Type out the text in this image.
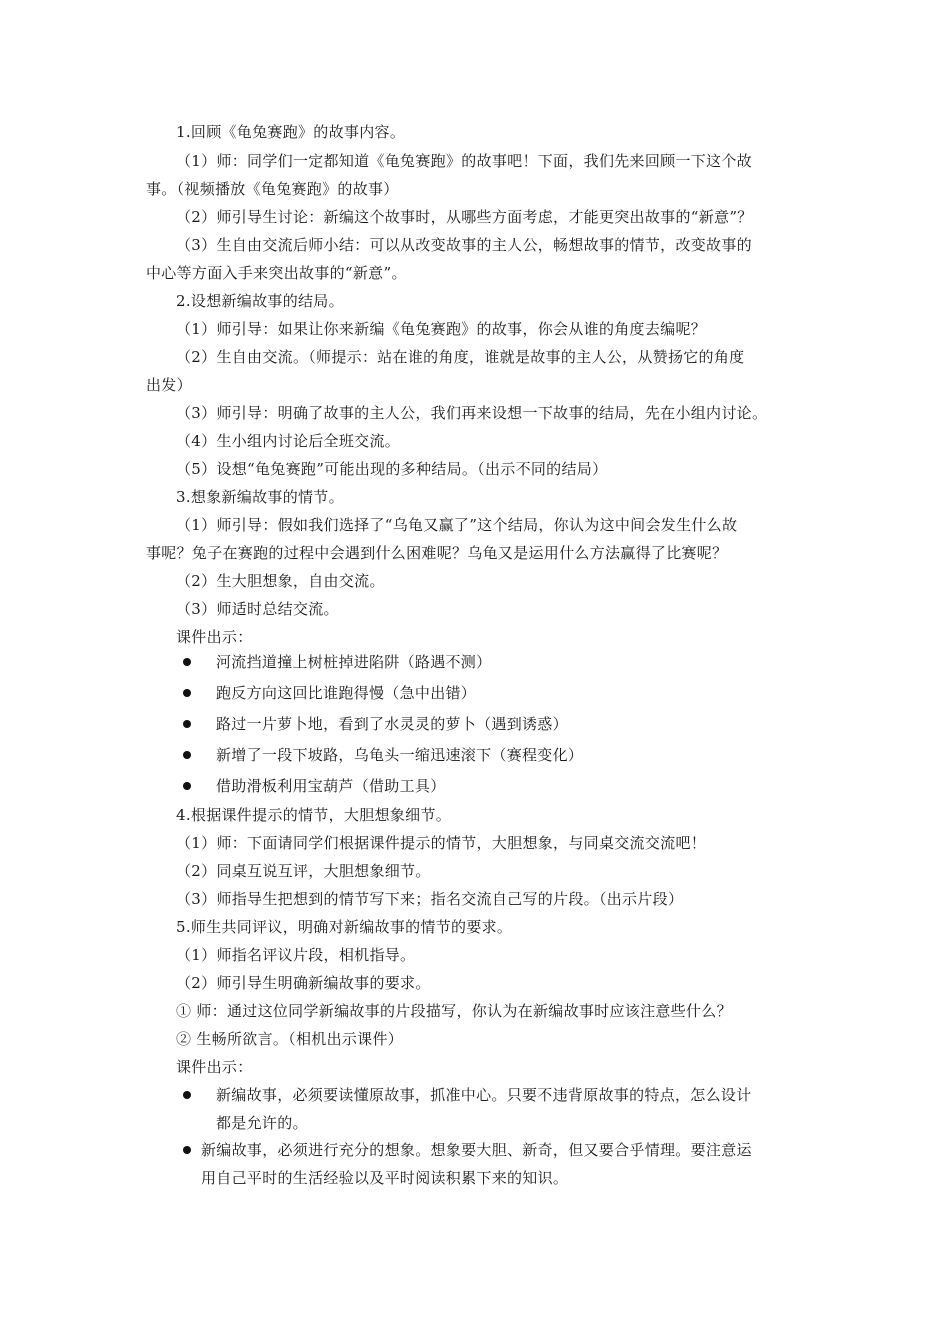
1.回顾《龟兔赛跑》的故事内容。
（1）师：同学们一定都知道《龟兔赛跑》的故事吧！下面，我们先来回顾一下这个故
事。（视频播放《龟兔赛跑》的故事）
（2）师引导生讨论：新编这个故事时，从哪些方面考虑，才能更突出故事的“新意”？
（3）生自由交流后师小结：可以从改变故事的主人公，畅想故事的情节，改变故事的
中心等方面入手来突出故事的“新意”。
2.设想新编故事的结局。
（1）师引导：如果让你来新编《龟兔赛跑》的故事，你会从谁的角度去编呢？
（2）生自由交流。（师提示：站在谁的角度，谁就是故事的主人公，从赞扬它的角度
出发）
（3）师引导：明确了故事的主人公，我们再来设想一下故事的结局，先在小组内讨论。
（4）生小组内讨论后全班交流。
（5）设想“龟兔赛跑”可能出现的多种结局。（出示不同的结局）
3.想象新编故事的情节。
（1）师引导：假如我们选择了“乌龟又赢了”这个结局，你认为这中间会发生什么故
事呢？兔子在赛跑的过程中会遇到什么困难呢？乌龟又是运用什么方法赢得了比赛呢？
（2）生大胆想象，自由交流。
（3）师适时总结交流。
课件出示：
河流挡道撞上树桩掉进陷阱（路遇不测）
跑反方向这回比谁跑得慢（急中出错）
路过一片萝卜地，看到了水灵灵的萝卜（遇到诱惑）
新增了一段下坡路，乌龟头一缩迅速滚下（赛程变化）
借助滑板利用宝葫芦（借助工具）
4.根据课件提示的情节，大胆想象细节。
（1）师：下面请同学们根据课件提示的情节，大胆想象，与同桌交流交流吧！
（2）同桌互说互评，大胆想象细节。
（3）师指导生把想到的情节写下来；指名交流自己写的片段。（出示片段）
5.师生共同评议，明确对新编故事的情节的要求。
（1）师指名评议片段，相机指导。
（2）师引导生明确新编故事的要求。
① 师：通过这位同学新编故事的片段描写，你认为在新编故事时应该注意些什么？
② 生畅所欲言。（相机出示课件）
课件出示：
新编故事，必须要读懂原故事，抓准中心。只要不违背原故事的特点，怎么设计
都是允许的。
新编故事，必须进行充分的想象。想象要大胆、新奇，但又要合乎情理。要注意运
用自己平时的生活经验以及平时阅读积累下来的知识。
